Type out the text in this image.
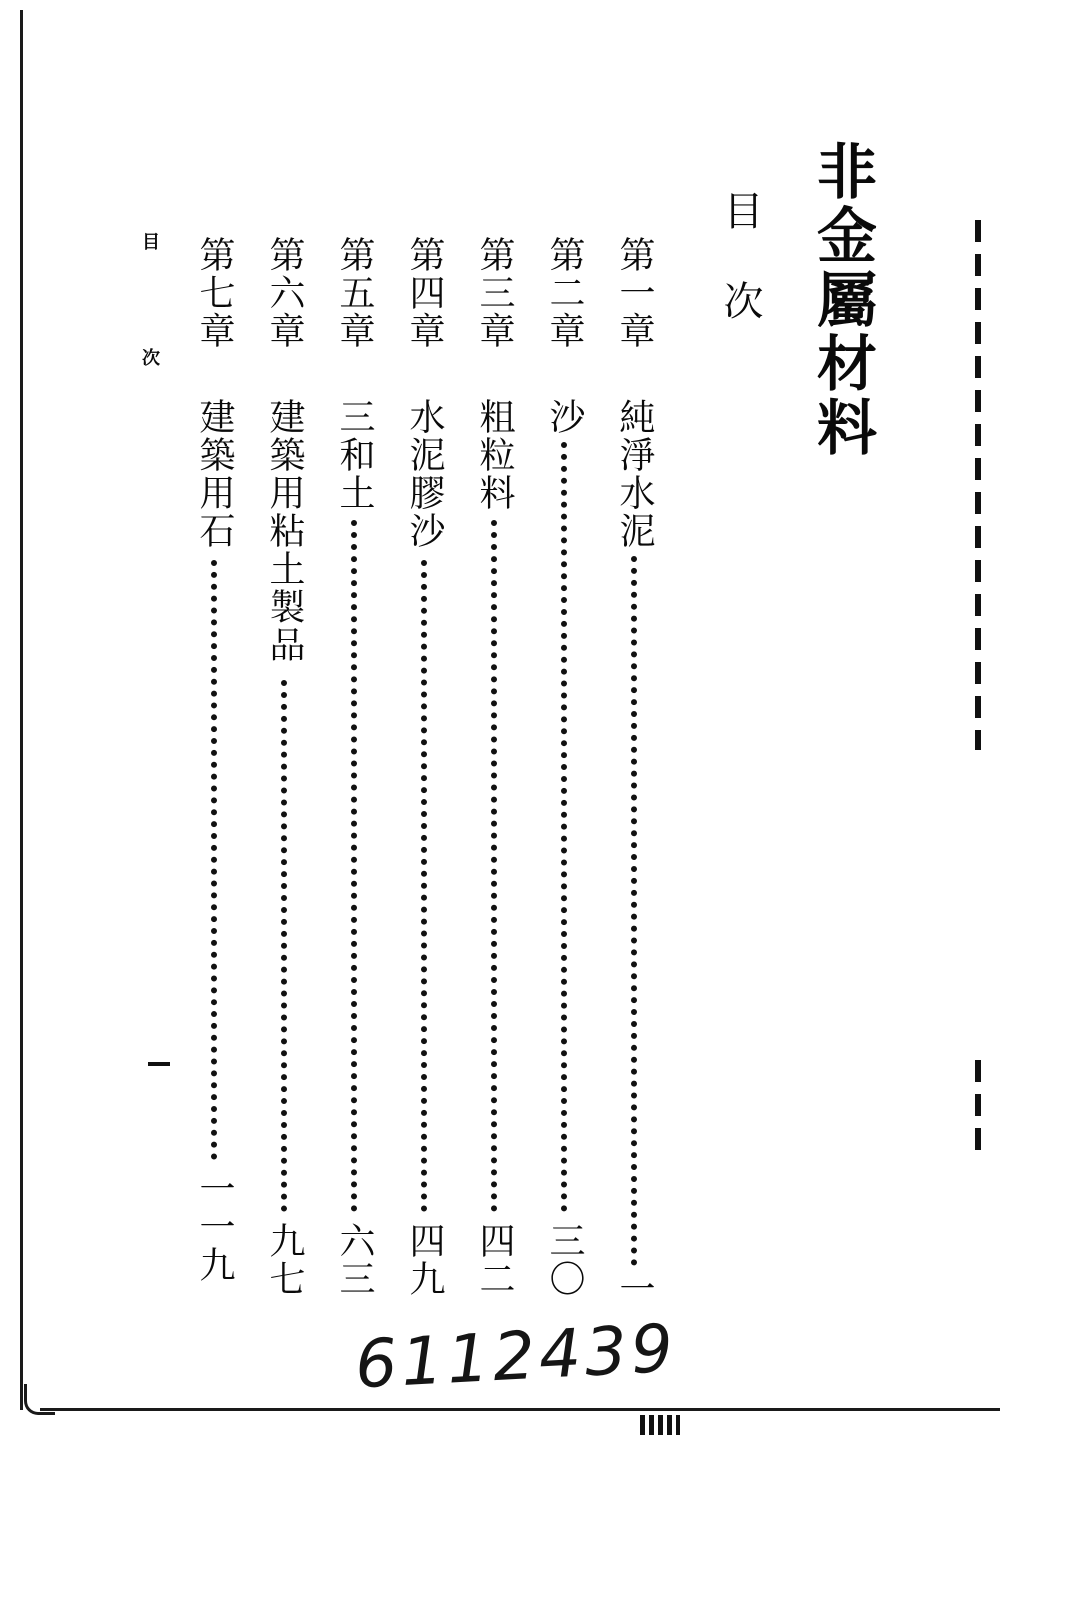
非金屬材料
目次
第一章
純淨水泥
一
第二章
沙
三〇
第三章
粗粒料
四二
第四章
水泥膠沙
四九
第五章
三和土
六三
第六章
建築用粘土製品
九七
第七章
建築用石
一一九
目
次
6112439
